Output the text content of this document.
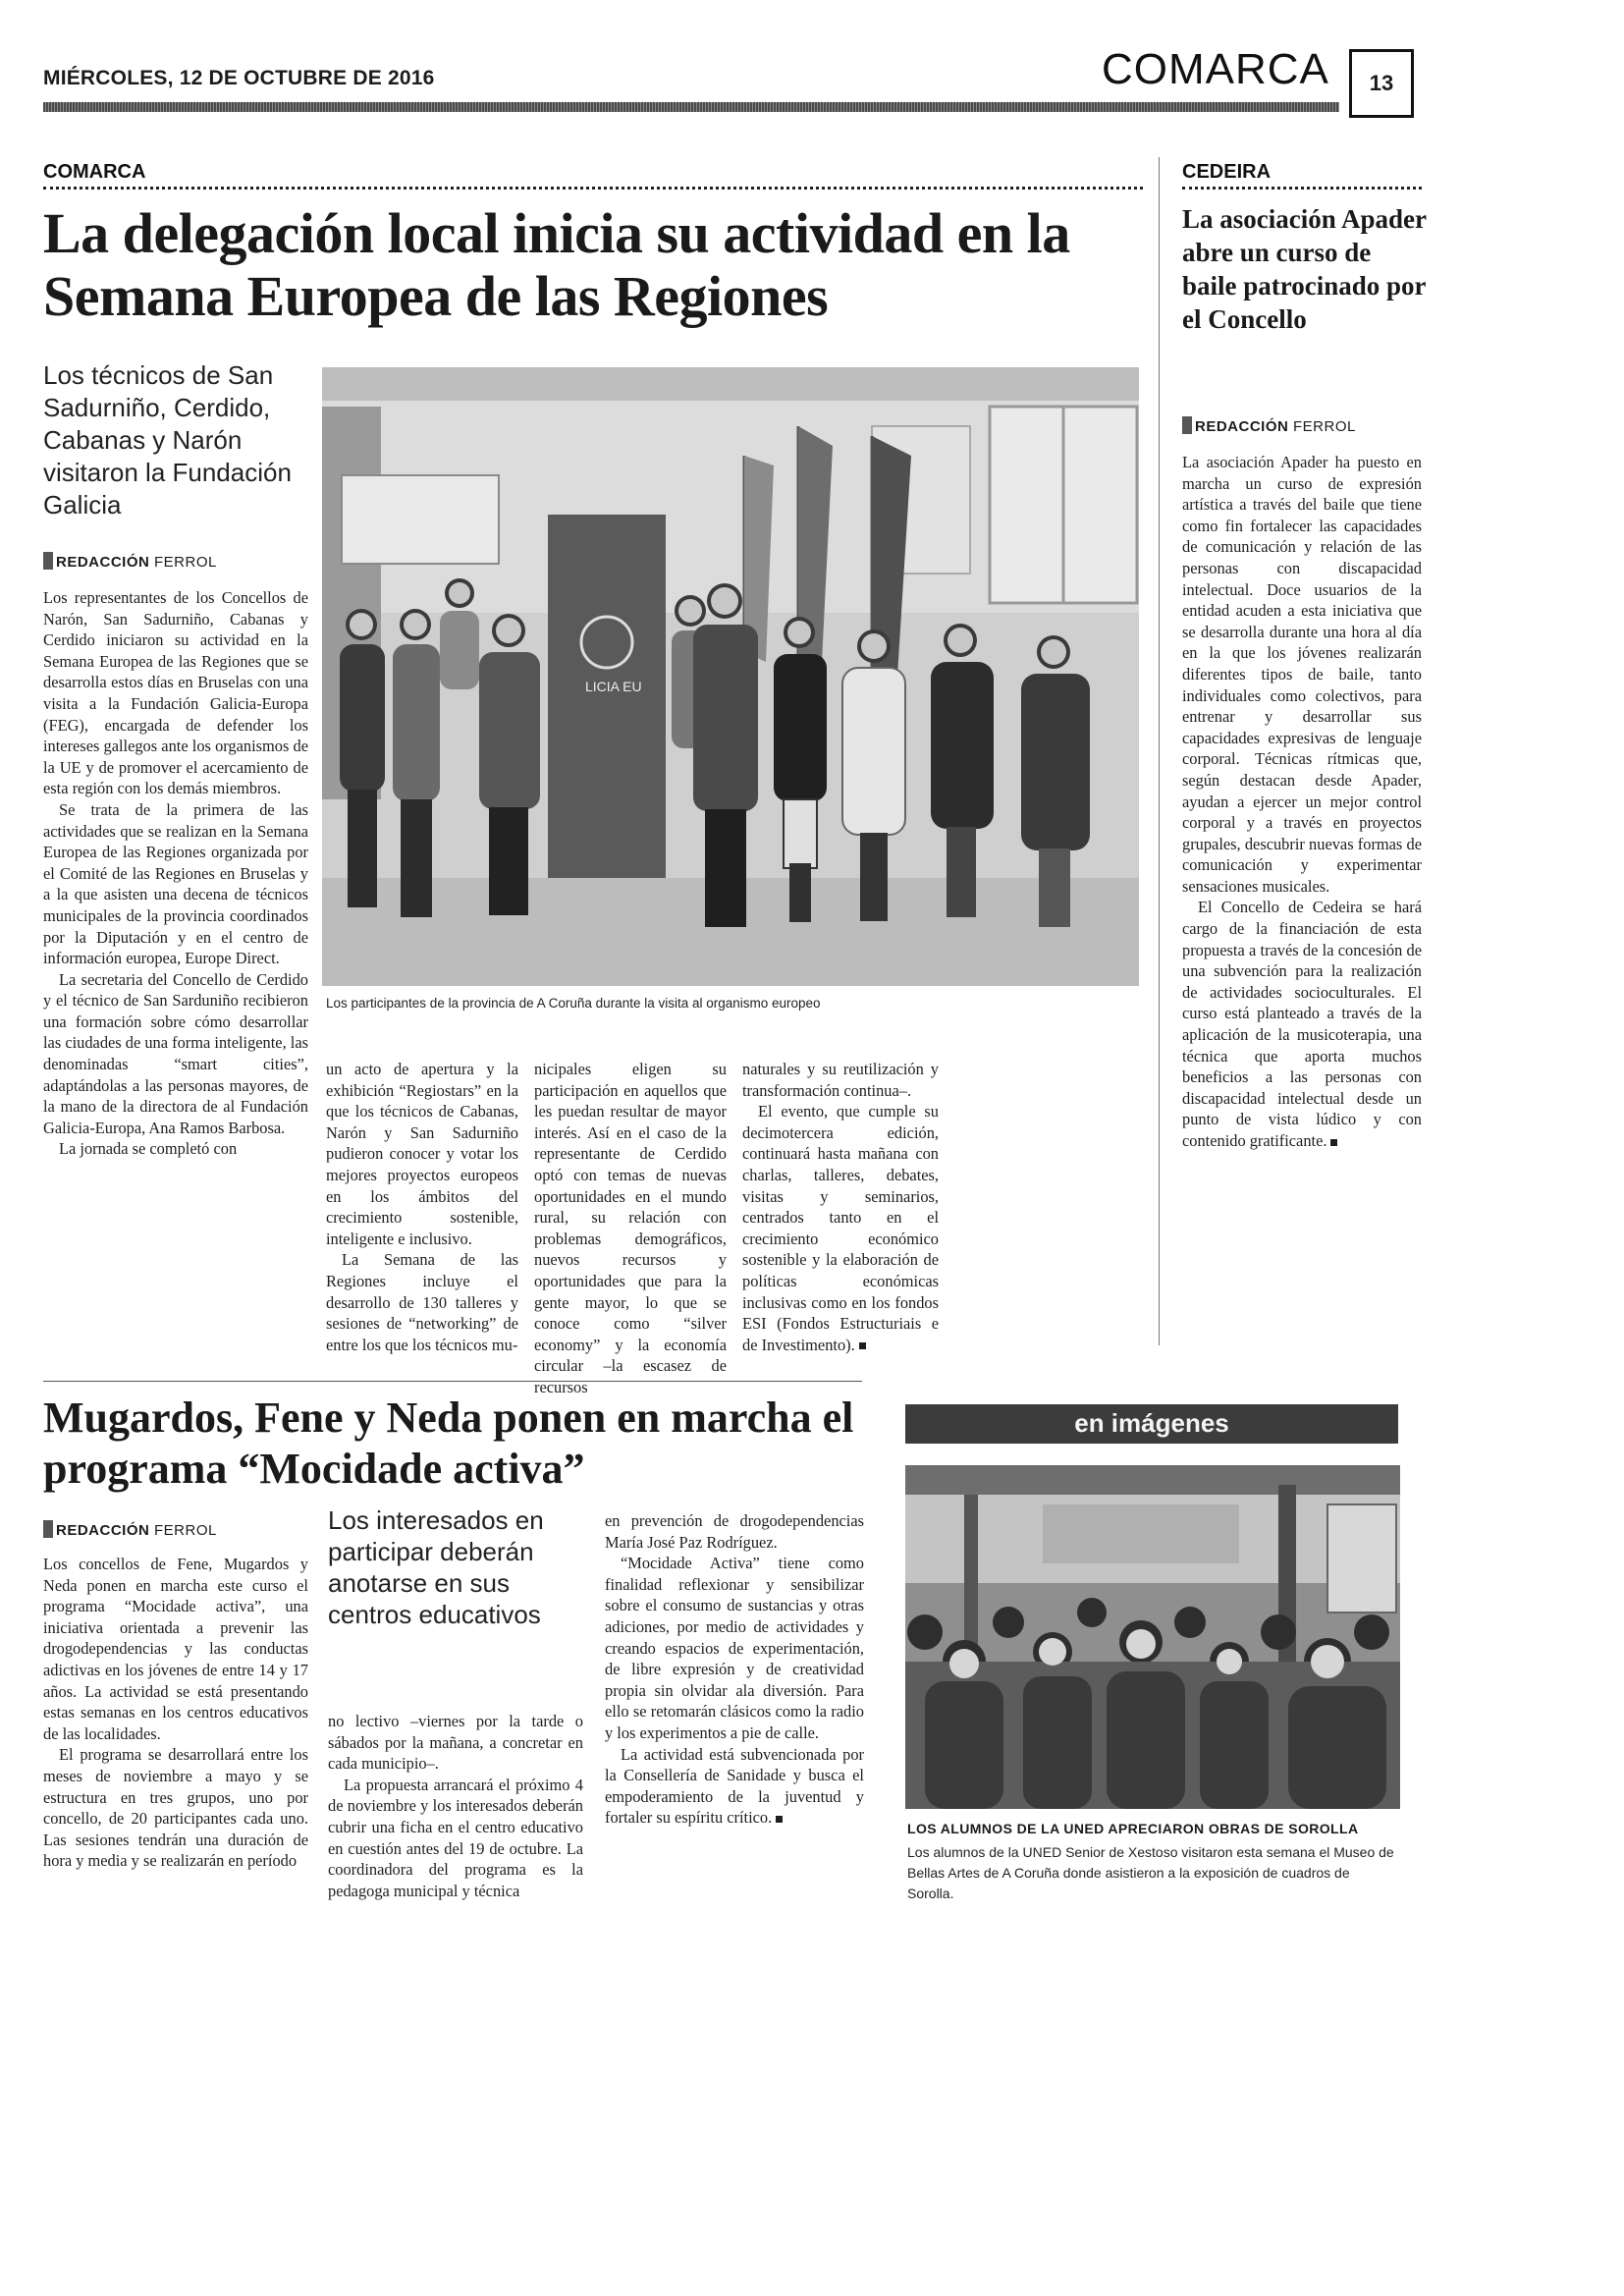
MIÉRCOLES, 12 DE OCTUBRE DE 2016	COMARCA	13
COMARCA
La delegación local inicia su actividad en la Semana Europea de las Regiones
Los técnicos de San Sadurniño, Cerdido, Cabanas y Narón visitaron la Fundación Galicia
REDACCIÓN FERROL

Los representantes de los Concellos de Narón, San Sadurniño, Cabanas y Cerdido iniciaron su actividad en la Semana Europea de las Regiones que se desarrolla estos días en Bruselas con una visita a la Fundación Galicia-Europa (FEG), encargada de defender los intereses gallegos ante los organismos de la UE y de promover el acercamiento de esta región con los demás miembros.

Se trata de la primera de las actividades que se realizan en la Semana Europea de las Regiones organizada por el Comité de las Regiones en Bruselas y a la que asisten una decena de técnicos municipales de la provincia coordinados por la Diputación y en el centro de información europea, Europe Direct.

La secretaria del Concello de Cerdido y el técnico de San Sarduniño recibieron una formación sobre cómo desarrollar las ciudades de una forma inteligente, las denominadas “smart cities”, adaptándolas a las personas mayores, de la mano de la directora de al Fundación Galicia-Europa, Ana Ramos Barbosa.

La jornada se completó con

LICIA EU
Los participantes de la provincia de A Coruña durante la visita al organismo europeo

un acto de apertura y la exhibición “Regiostars” en la que los técnicos de Cabanas, Narón y San Sadurniño pudieron conocer y votar los mejores proyectos europeos en los ámbitos del crecimiento sostenible, inteligente e inclusivo.

La Semana de las Regiones incluye el desarrollo de 130 talleres y sesiones de “networking” de entre los que los técnicos mu-

nicipales eligen su participación en aquellos que les puedan resultar de mayor interés. Así en el caso de la representante de Cerdido optó con temas de nuevas oportunidades en el mundo rural, su relación con problemas demográficos, nuevos recursos y oportunidades que para la gente mayor, lo que se conoce como “silver economy” y la economía circular –la escasez de recursos

naturales y su reutilización y transformación continua–.

El evento, que cumple su decimotercera edición, continuará hasta mañana con charlas, talleres, debates, visitas y seminarios, centrados tanto en el crecimiento económico sostenible y la elaboración de políticas económicas inclusivas como en los fondos ESI (Fondos Estructuriais e de Investimento).

CEDEIRA
La asociación Apader abre un curso de baile patrocinado por el Concello
REDACCIÓN FERROL

La asociación Apader ha puesto en marcha un curso de expresión artística a través del baile que tiene como fin fortalecer las capacidades de comunicación y relación de las personas con discapacidad intelectual. Doce usuarios de la entidad acuden a esta iniciativa que se desarrolla durante una hora al día en la que los jóvenes realizarán diferentes tipos de baile, tanto individuales como colectivos, para entrenar y desarrollar sus capacidades expresivas de lenguaje corporal. Técnicas rítmicas que, según destacan desde Apader, ayudan a ejercer un mejor control corporal y a través en proyectos grupales, descubrir nuevas formas de comunicación y experimentar sensaciones musicales.

El Concello de Cedeira se hará cargo de la financiación de esta propuesta a través de la concesión de una subvención para la realización de actividades socioculturales. El curso está planteado a través de la aplicación de la musicoterapia, una técnica que aporta muchos beneficios a las personas con discapacidad intelectual desde un punto de vista lúdico y con contenido gratificante.

Mugardos, Fene y Neda ponen en marcha el programa “Mocidade activa”
REDACCIÓN FERROL

Los concellos de Fene, Mugardos y Neda ponen en marcha este curso el programa “Mocidade activa”, una iniciativa orientada a prevenir las drogodependencias y las conductas adictivas en los jóvenes de entre 14 y 17 años. La actividad se está presentando estas semanas en los centros educativos de las localidades.

El programa se desarrollará entre los meses de noviembre a mayo y se estructura en tres grupos, uno por concello, de 20 participantes cada uno. Las sesiones tendrán una duración de hora y media y se realizarán en período

Los interesados en participar deberán anotarse en sus centros educativos

no lectivo –viernes por la tarde o sábados por la mañana, a concretar en cada municipio–.

La propuesta arrancará el próximo 4 de noviembre y los interesados deberán cubrir una ficha en el centro educativo en cuestión antes del 19 de octubre. La coordinadora del programa es la pedagoga municipal y técnica

en prevención de drogodependencias María José Paz Rodríguez.

“Mocidade Activa” tiene como finalidad reflexionar y sensibilizar sobre el consumo de sustancias y otras adiciones, por medio de actividades y creando espacios de experimentación, de libre expresión y de creatividad propia sin olvidar ala diversión. Para ello se retomarán clásicos como la radio y los experimentos a pie de calle.

La actividad está subvencionada por la Consellería de Sanidade y busca el empoderamiento de la juventud y fortaler su espíritu crítico.

en imágenes
LOS ALUMNOS DE LA UNED APRECIARON OBRAS DE SOROLLA
Los alumnos de la UNED Senior de Xestoso visitaron esta semana el Museo de Bellas Artes de A Coruña donde asistieron a la exposición de cuadros de Sorolla.
